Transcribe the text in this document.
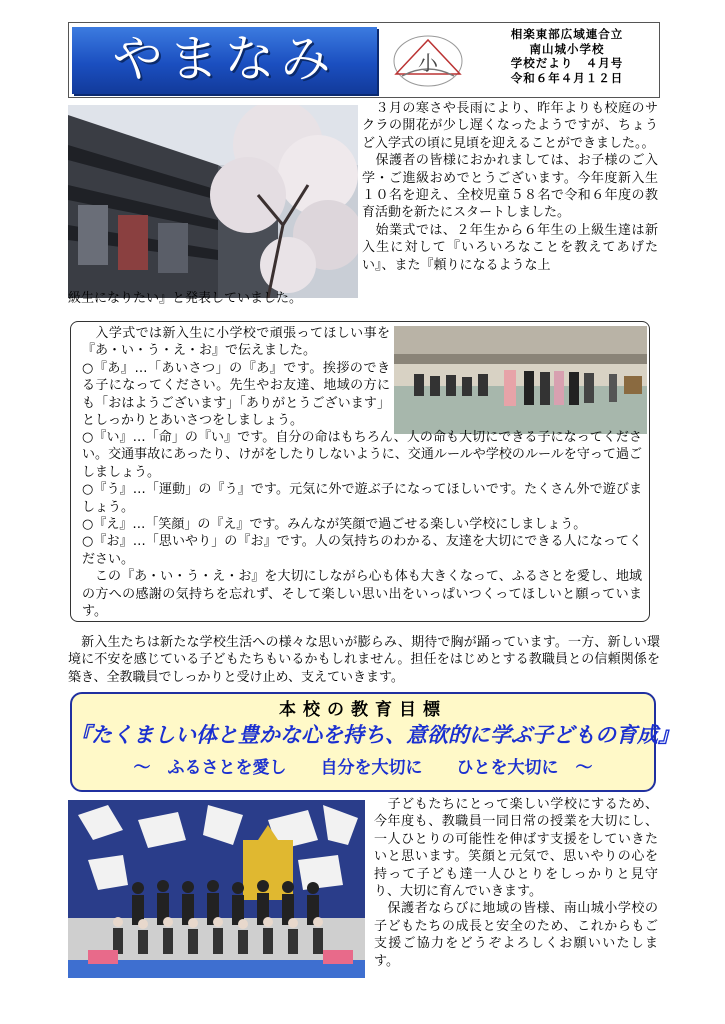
やまなみ	小
相楽東部広域連合立
南山城小学校
学校だより　４月号
令和６年４月１２日
　３月の寒さや長雨により、昨年よりも校庭のサクラの開花が少し遅くなったようですが、ちょうど入学式の頃に見頃を迎えることができました。。
　保護者の皆様におかれましては、お子様のご入学・ご進級おめでとうございます。今年度新入生１０名を迎え、全校児童５８名で令和６年度の教育活動を新たにスタートしました。
　始業式では、２年生から６年生の上級生達は新入生に対して『いろいろなことを教えてあげたい』、また『頼りになるような上
級生になりたい』と発表していました。
　入学式では新入生に小学校で頑張ってほしい事を『あ・い・う・え・お』で伝えました。
○『あ』…「あいさつ」の『あ』です。挨拶のできる子になってください。先生やお友達、地域の方にも「おはようございます」「ありがとうございます」としっかりとあいさつをしましょう。

○『い』…「命」の『い』です。自分の命はもちろん、人の命も大切にできる子になってください。交通事故にあったり、けがをしたりしないように、交通ルールや学校のルールを守って過ごしましょう。

○『う』…「運動」の『う』です。元気に外で遊ぶ子になってほしいです。たくさん外で遊びましょう。

○『え』…「笑顔」の『え』です。みんなが笑顔で過ごせる楽しい学校にしましょう。

○『お』…「思いやり」の『お』です。人の気持ちのわかる、友達を大切にできる人になってください。

　この『あ・い・う・え・お』を大切にしながら心も体も大きくなって、ふるさとを愛し、地域の方への感謝の気持ちを忘れず、そして楽しい思い出をいっぱいつくってほしいと願っています。

　新入生たちは新たな学校生活への様々な思いが膨らみ、期待で胸が踊っています。一方、新しい環境に不安を感じている子どもたちもいるかもしれません。担任をはじめとする教職員との信頼関係を築き、全教職員でしっかりと受け止め、支えていきます。
本校の教育目標
『たくましい体と豊かな心を持ち、意欲的に学ぶ子どもの育成』
～　ふるさとを愛し　　自分を大切に　　ひとを大切に　～
　子どもたちにとって楽しい学校にするため、今年度も、教職員一同日常の授業を大切にし、一人ひとりの可能性を伸ばす支援をしていきたいと思います。笑顔と元気で、思いやりの心を持って子ども達一人ひとりをしっかりと見守り、大切に育んでいきます。
　保護者ならびに地域の皆様、南山城小学校の子どもたちの成長と安全のため、これからもご支援ご協力をどうぞよろしくお願いいたします。
